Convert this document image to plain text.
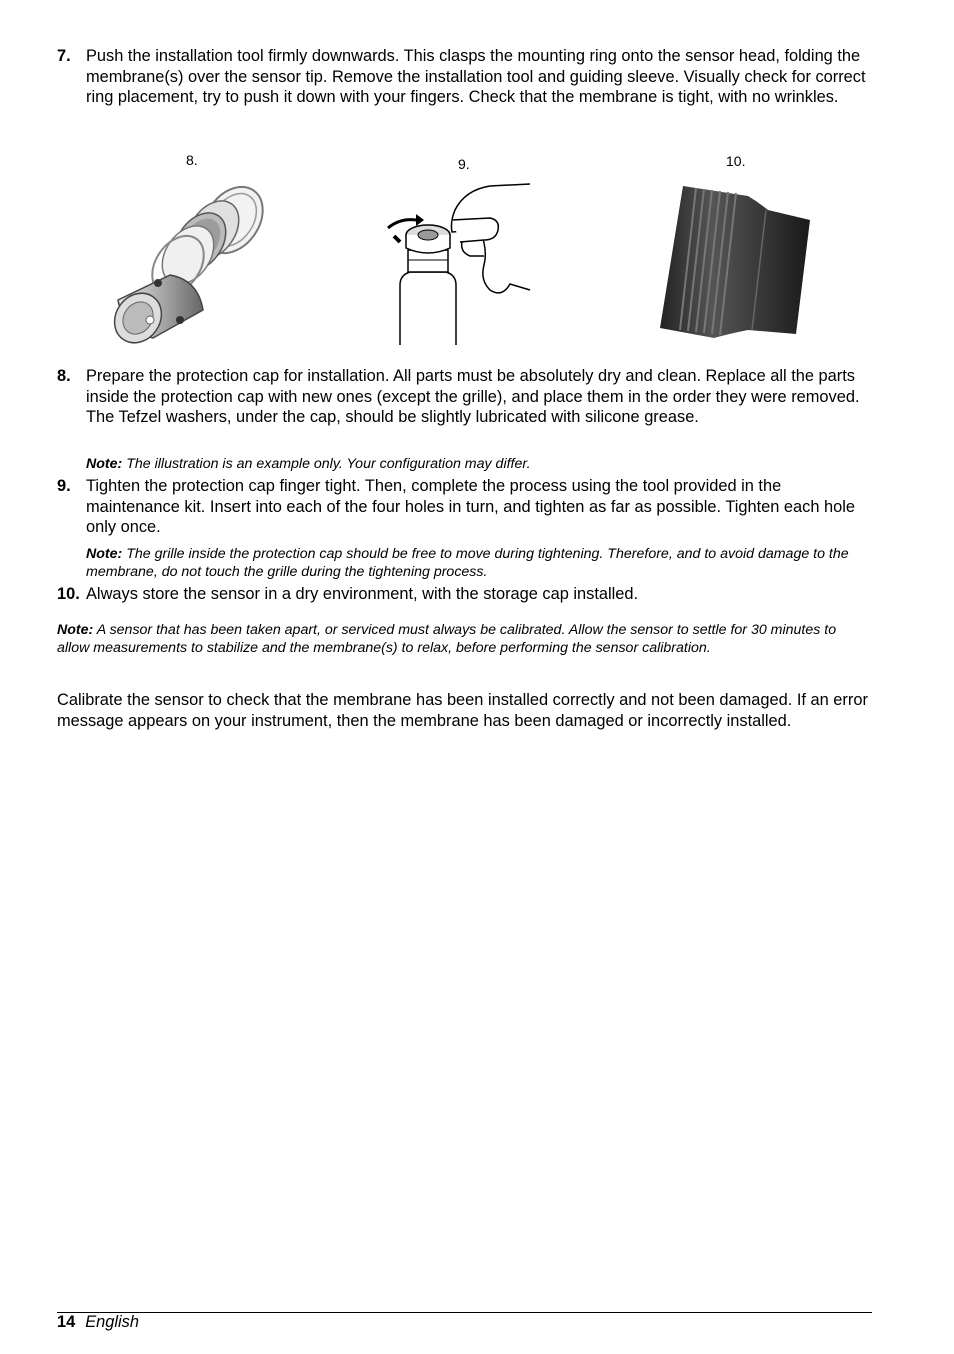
7. Push the installation tool firmly downwards. This clasps the mounting ring onto the sensor head, folding the membrane(s) over the sensor tip. Remove the installation tool and guiding sleeve. Visually check for correct ring placement, try to push it down with your fingers. Check that the membrane is tight, with no wrinkles.
8.	9.	10.
8. Prepare the protection cap for installation. All parts must be absolutely dry and clean. Replace all the parts inside the protection cap with new ones (except the grille), and place them in the order they were removed. The Tefzel washers, under the cap, should be slightly lubricated with silicone grease.
Note: The illustration is an example only. Your configuration may differ.
9. Tighten the protection cap finger tight. Then, complete the process using the tool provided in the maintenance kit. Insert into each of the four holes in turn, and tighten as far as possible. Tighten each hole only once.
Note: The grille inside the protection cap should be free to move during tightening. Therefore, and to avoid damage to the membrane, do not touch the grille during the tightening process.
10. Always store the sensor in a dry environment, with the storage cap installed.
Note: A sensor that has been taken apart, or serviced must always be calibrated. Allow the sensor to settle for 30 minutes to allow measurements to stabilize and the membrane(s) to relax, before performing the sensor calibration.
Calibrate the sensor to check that the membrane has been installed correctly and not been damaged. If an error message appears on your instrument, then the membrane has been damaged or incorrectly installed.
14 English
